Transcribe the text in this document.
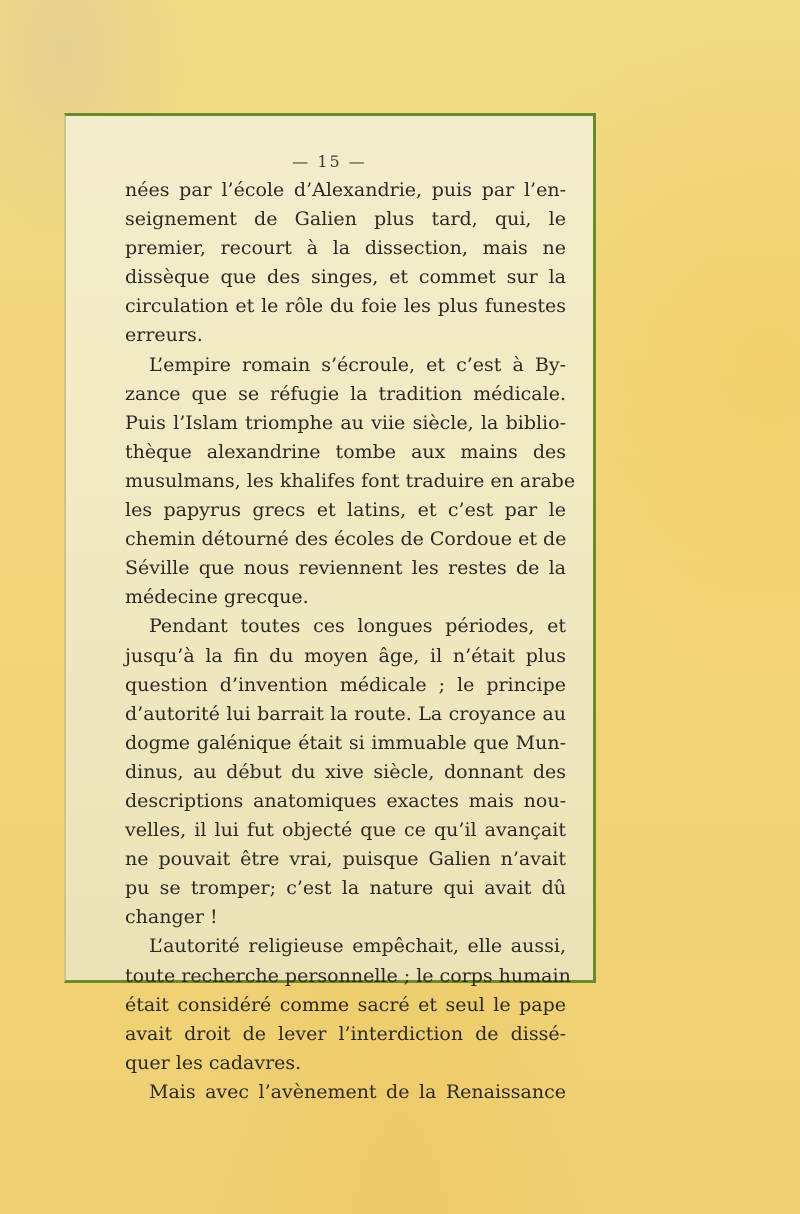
— 15 —
nées par l’école d’Alexandrie, puis par l’en-
seignement de Galien plus tard, qui, le
premier, recourt à la dissection, mais ne
dissèque que des singes, et commet sur la
circulation et le rôle du foie les plus funestes
erreurs.
L’empire romain s’écroule, et c’est à By-
zance que se réfugie la tradition médicale.
Puis l’Islam triomphe au viie siècle, la biblio-
thèque alexandrine tombe aux mains des
musulmans, les khalifes font traduire en arabe
les papyrus grecs et latins, et c’est par le
chemin détourné des écoles de Cordoue et de
Séville que nous reviennent les restes de la
médecine grecque.
Pendant toutes ces longues périodes, et
jusqu’à la fin du moyen âge, il n’était plus
question d’invention médicale ; le principe
d’autorité lui barrait la route. La croyance au
dogme galénique était si immuable que Mun-
dinus, au début du xive siècle, donnant des
descriptions anatomiques exactes mais nou-
velles, il lui fut objecté que ce qu’il avançait
ne pouvait être vrai, puisque Galien n’avait
pu se tromper; c’est la nature qui avait dû
changer !
L’autorité religieuse empêchait, elle aussi,
toute recherche personnelle ; le corps humain
était considéré comme sacré et seul le pape
avait droit de lever l’interdiction de dissé-
quer les cadavres.
Mais avec l’avènement de la Renaissance
